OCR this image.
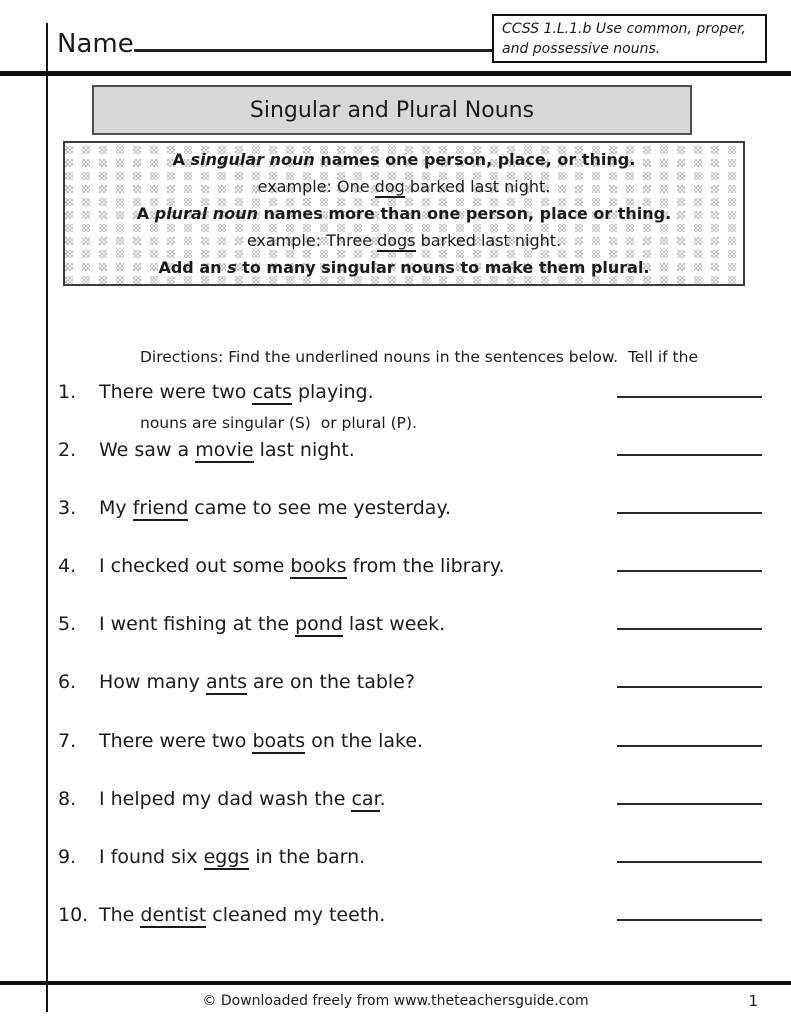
Name	CCSS 1.L.1.b Use common, proper, and possessive nouns.
Singular and Plural Nouns
A singular noun names one person, place, or thing.
example: One dog barked last night.
A plural noun names more than one person, place or thing.
example: Three dogs barked last night.
Add an s to many singular nouns to make them plural.

Directions: Find the underlined nouns in the sentences below.  Tell if the

nouns are singular (S)  or plural (P).

1.	There were two cats playing.
2.	We saw a movie last night.
3.	My friend came to see me yesterday.
4.	I checked out some books from the library.
5.	I went fishing at the pond last week.
6.	How many ants are on the table?
7.	There were two boats on the lake.
8.	I helped my dad wash the car.
9.	I found six eggs in the barn.
10. The dentist cleaned my teeth.
© Downloaded freely from www.theteachersguide.com	1
